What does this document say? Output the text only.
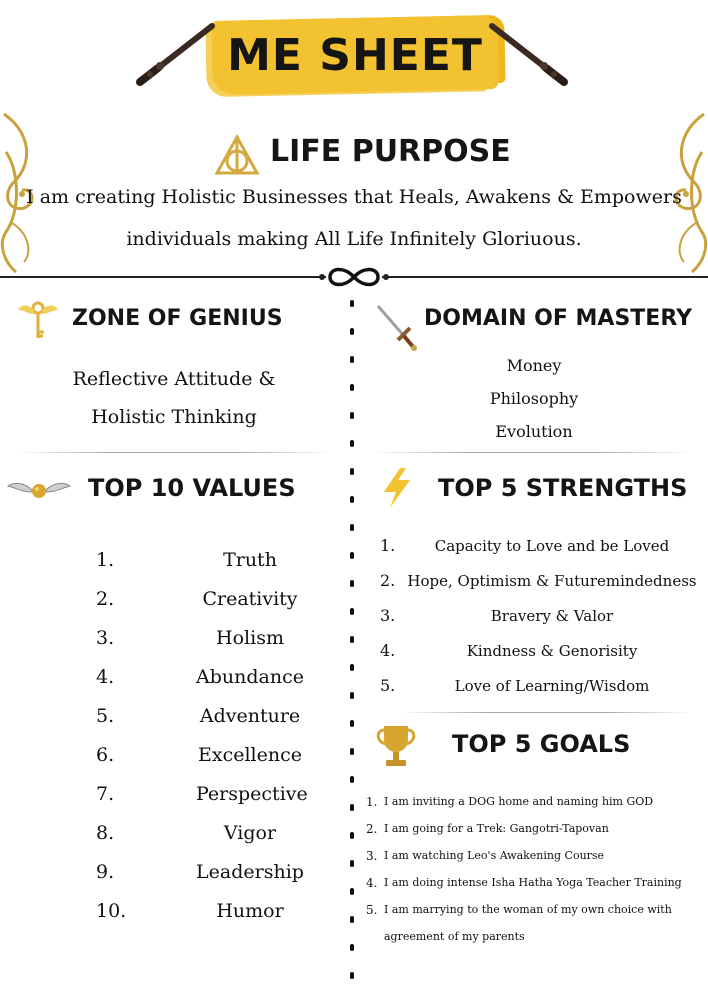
ME SHEET
LIFE PURPOSE
I am creating Holistic Businesses that Heals, Awakens & Empowers
individuals making All Life Infinitely Gloriuous.
ZONE OF GENIUS
Reflective Attitude &
Holistic Thinking
DOMAIN OF MASTERY
Money
Philosophy
Evolution
TOP 10 VALUES
1.	Truth
2.	Creativity
3.	Holism
4.	Abundance
5.	Adventure
6.	Excellence
7.	Perspective
8.	Vigor
9.	Leadership
10.	Humor
TOP 5 STRENGTHS
1.	Capacity to Love and be Loved
2. Hope, Optimism & Futuremindedness
3.	Bravery & Valor
4.	Kindness & Genorisity
5.	Love of Learning/Wisdom
TOP 5 GOALS
1. I am inviting a DOG home and naming him GOD
2. I am going for a Trek: Gangotri-Tapovan
3. I am watching Leo's Awakening Course
4. I am doing intense Isha Hatha Yoga Teacher Training
5. I am marrying to the woman of my own choice with
agreement of my parents
